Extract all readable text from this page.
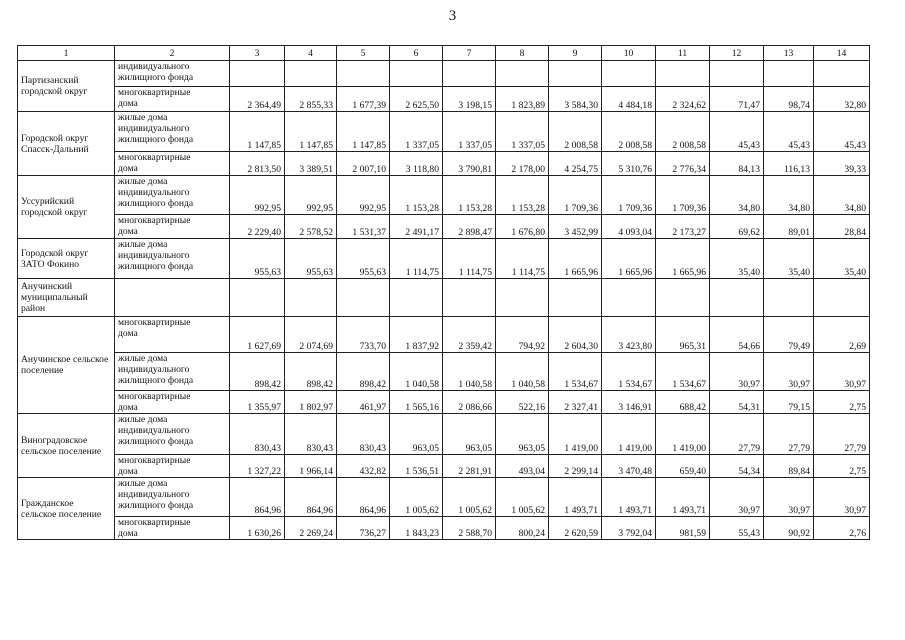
3
1	2	3	4	5	6	7	8	9	10	11	12	13	14
Партизанский городской округ	индивидуального
жилищного фонда												
	многоквартирные
дома	2 364,49	2 855,33	1 677,39	2 625,50	3 198,15	1 823,89	3 584,30	4 484,18	2 324,62	71,47	98,74	32,80
Городской округ Спасск-Дальний	жилые дома
индивидуального
жилищного фонда	1 147,85	1 147,85	1 147,85	1 337,05	1 337,05	1 337,05	2 008,58	2 008,58	2 008,58	45,43	45,43	45,43
	многоквартирные
дома	2 813,50	3 389,51	2 007,10	3 118,80	3 790,81	2 178,00	4 254,75	5 310,76	2 776,34	84,13	116,13	39,33
Уссурийский городской округ	жилые дома
индивидуального
жилищного фонда	992,95	992,95	992,95	1 153,28	1 153,28	1 153,28	1 709,36	1 709,36	1 709,36	34,80	34,80	34,80
	многоквартирные
дома	2 229,40	2 578,52	1 531,37	2 491,17	2 898,47	1 676,80	3 452,99	4 093,04	2 173,27	69,62	89,01	28,84
Городской округ ЗАТО Фокино	жилые дома
индивидуального
жилищного фонда	955,63	955,63	955,63	1 114,75	1 114,75	1 114,75	1 665,96	1 665,96	1 665,96	35,40	35,40	35,40
Анучинский муниципальный район													
Анучинское сельское поселение	многоквартирные
дома	1 627,69	2 074,69	733,70	1 837,92	2 359,42	794,92	2 604,30	3 423,80	965,31	54,66	79,49	2,69
	жилые дома
индивидуального
жилищного фонда	898,42	898,42	898,42	1 040,58	1 040,58	1 040,58	1 534,67	1 534,67	1 534,67	30,97	30,97	30,97
	многоквартирные
дома	1 355,97	1 802,97	461,97	1 565,16	2 086,66	522,16	2 327,41	3 146,91	688,42	54,31	79,15	2,75
Виноградовское сельское поселение	жилые дома
индивидуального
жилищного фонда	830,43	830,43	830,43	963,05	963,05	963,05	1 419,00	1 419,00	1 419,00	27,79	27,79	27,79
	многоквартирные
дома	1 327,22	1 966,14	432,82	1 536,51	2 281,91	493,04	2 299,14	3 470,48	659,40	54,34	89,84	2,75
Гражданское сельское поселение	жилые дома
индивидуального
жилищного фонда	864,96	864,96	864,96	1 005,62	1 005,62	1 005,62	1 493,71	1 493,71	1 493,71	30,97	30,97	30,97
	многоквартирные
дома	1 630,26	2 269,24	736,27	1 843,23	2 588,70	800,24	2 620,59	3 792,04	981,59	55,43	90,92	2,76
